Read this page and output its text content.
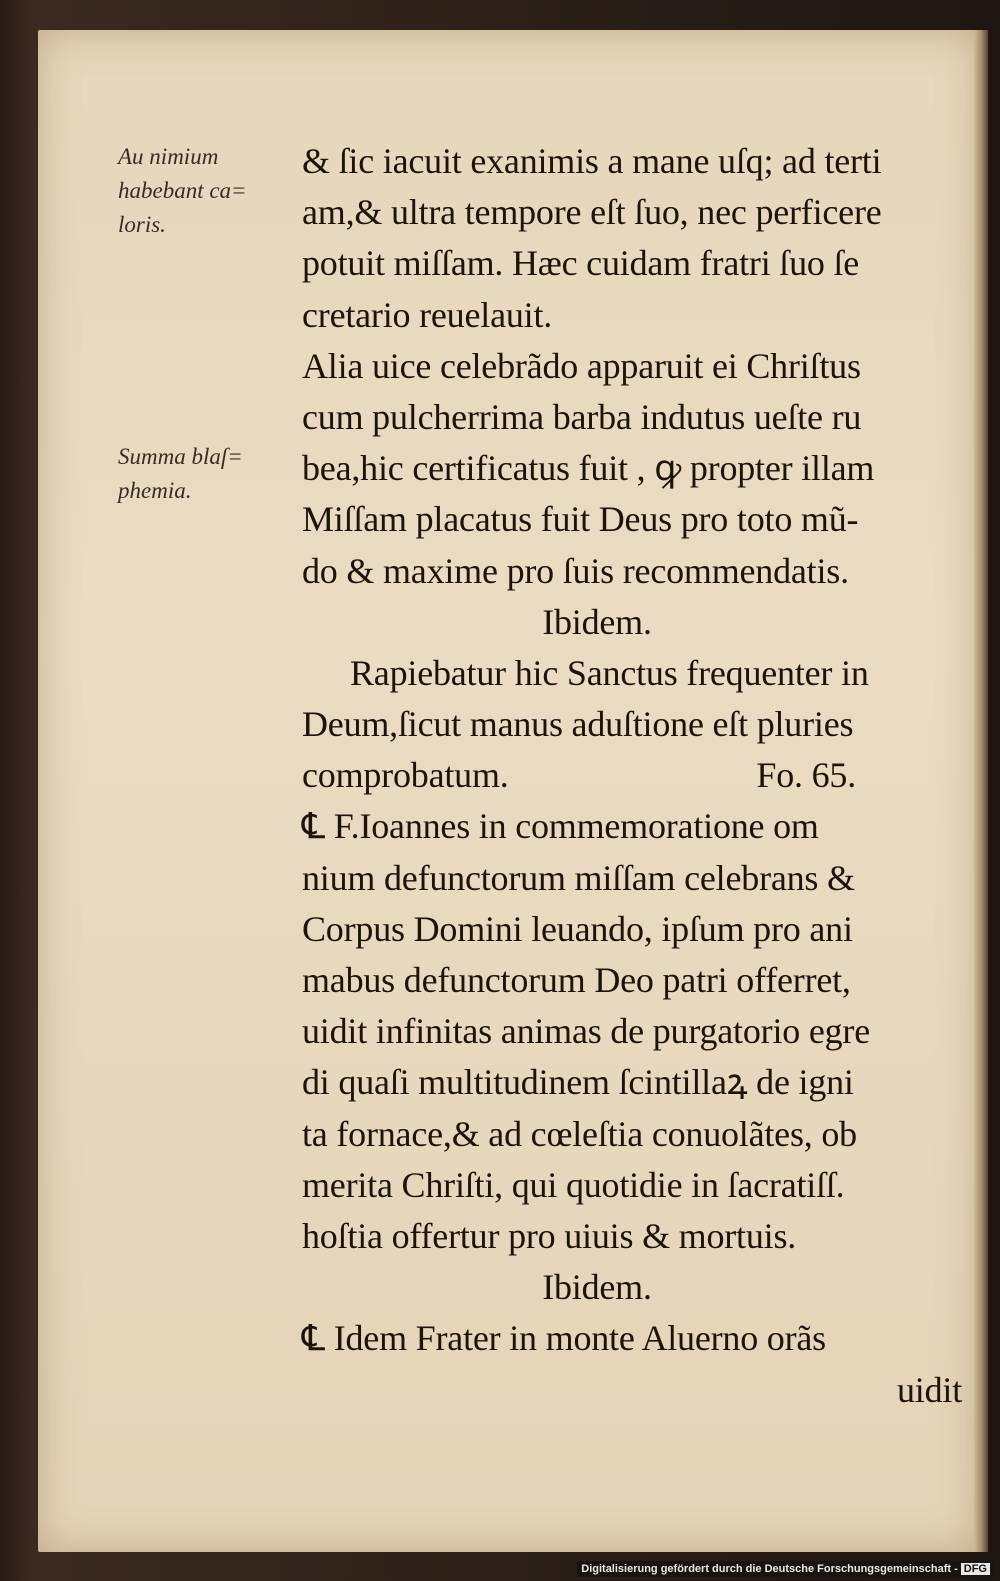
Au nimium
habebant ca=
loris.
Summa blaſ=
phemia.
& ſic iacuit exanimis a mane uſq; ad terti
am,& ultra tempore eſt ſuo, nec perficere
potuit miſſam. Hæc cuidam fratri ſuo ſe
cretario reuelauit.
Alia uice celebrãdo apparuit ei Chriſtus
cum pulcherrima barba indutus ueſte ru
bea,hic certificatus fuit , ꝙ propter illam
Miſſam placatus fuit Deus pro toto mũ-
do & maxime pro ſuis recommendatis.
Ibidem.
Rapiebatur hic Sanctus frequenter in
Deum,ſicut manus aduſtione eſt pluries
comprobatum.	Fo. 65.
℄ F.Ioannes in commemoratione om
nium defunctorum miſſam celebrans &
Corpus Domini leuando, ipſum pro ani
mabus defunctorum Deo patri offerret,
uidit infinitas animas de purgatorio egre
di quaſi multitudinem ſcintillaꝝ de igni
ta fornace,& ad cœleſtia conuolãtes, ob
merita Chriſti, qui quotidie in ſacratiſſ.
hoſtia offertur pro uiuis & mortuis.
Ibidem.
℄ Idem Frater in monte Aluerno orãs
uidit
Digitalisierung gefördert durch die Deutsche Forschungsgemeinschaft - DFG
